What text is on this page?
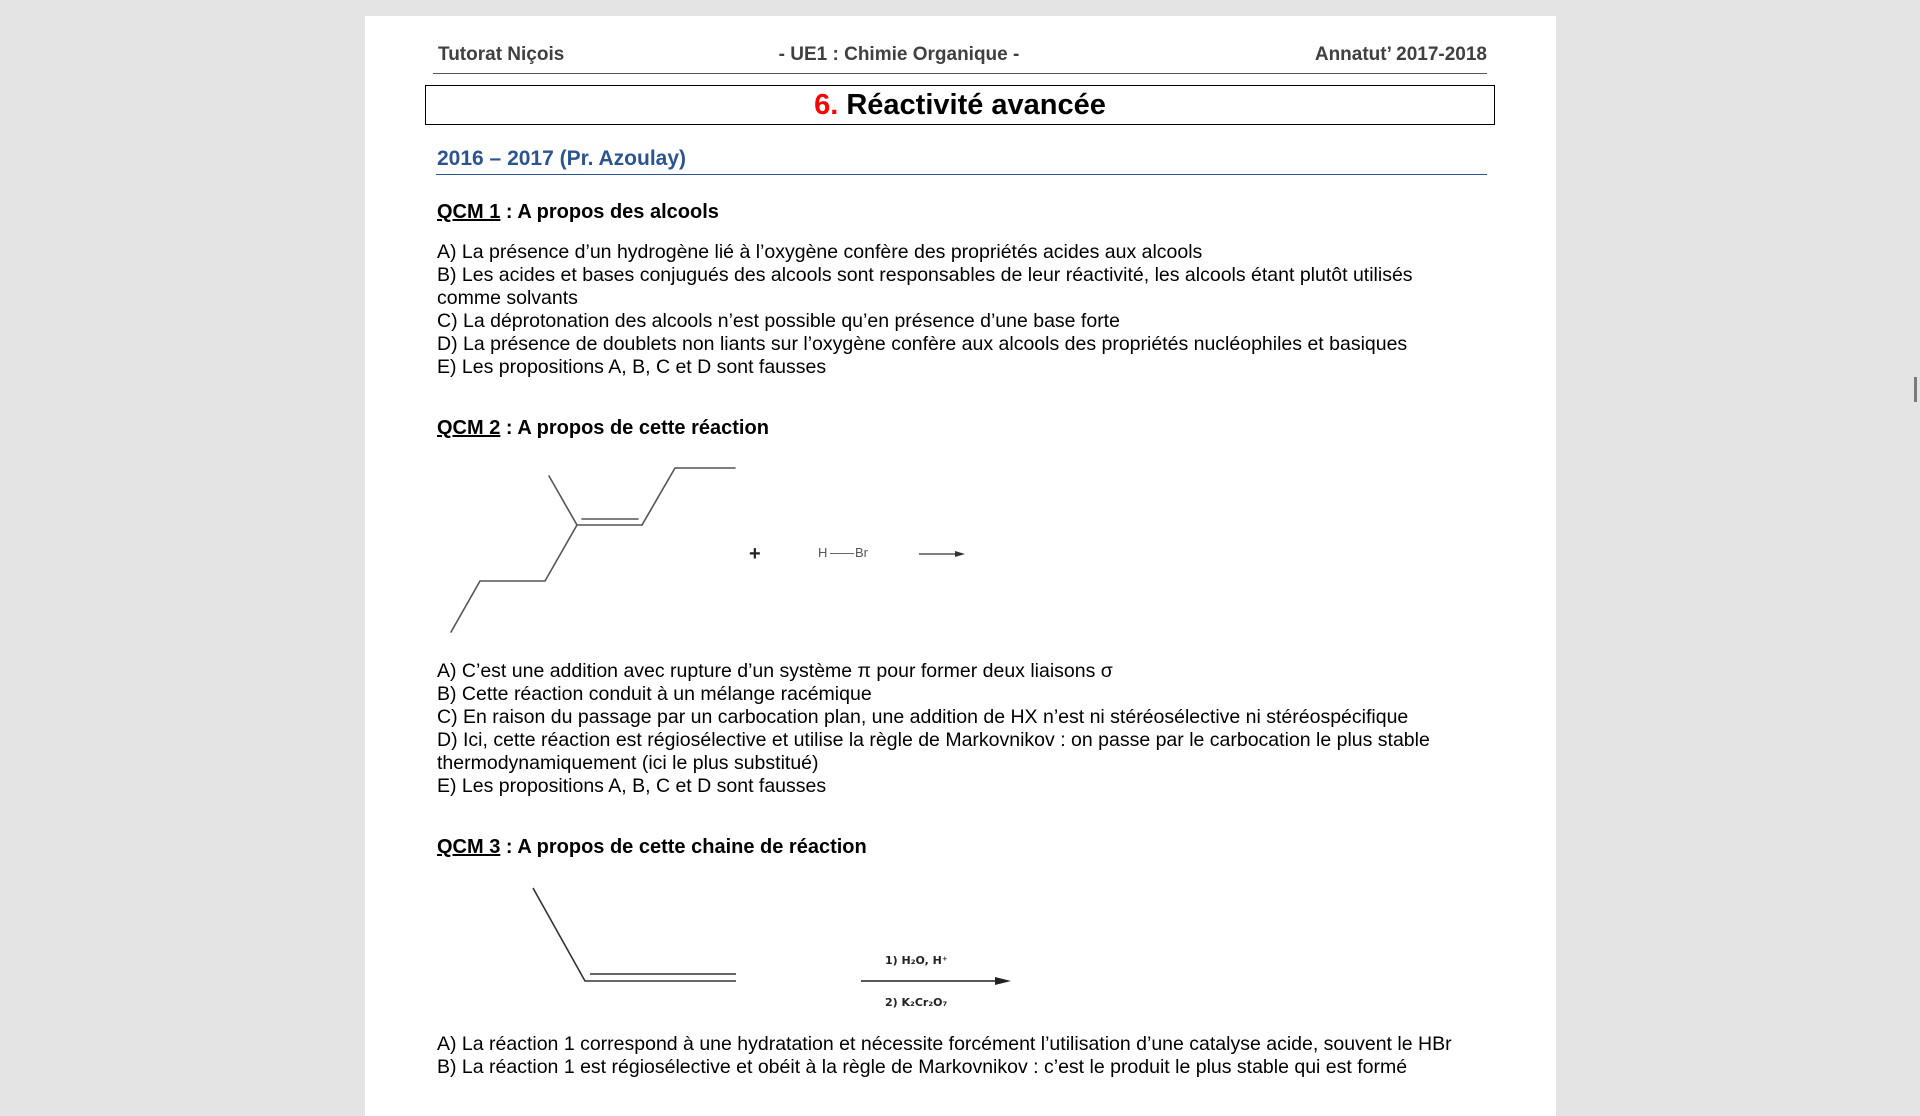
Tutorat Niçois	- UE1 : Chimie Organique -	Annatut’ 2017-2018
6. Réactivité avancée
2016 – 2017 (Pr. Azoulay)
QCM 1 : A propos des alcools
A) La présence d’un hydrogène lié à l’oxygène confère des propriétés acides aux alcools
B) Les acides et bases conjugués des alcools sont responsables de leur réactivité, les alcools étant plutôt utilisés comme solvants
C) La déprotonation des alcools n’est possible qu’en présence d’une base forte
D) La présence de doublets non liants sur l’oxygène confère aux alcools des propriétés nucléophiles et basiques
E) Les propositions A, B, C et D sont fausses
QCM 2 : A propos de cette réaction
+	H Br
A) C’est une addition avec rupture d’un système π pour former deux liaisons σ
B) Cette réaction conduit à un mélange racémique
C) En raison du passage par un carbocation plan, une addition de HX n’est ni stéréosélective ni stéréospécifique
D) Ici, cette réaction est régiosélective et utilise la règle de Markovnikov : on passe par le carbocation le plus stable thermodynamiquement (ici le plus substitué)
E) Les propositions A, B, C et D sont fausses
QCM 3 : A propos de cette chaine de réaction
1) H₂O, H⁺
2) K₂Cr₂O₇
A) La réaction 1 correspond à une hydratation et nécessite forcément l’utilisation d’une catalyse acide, souvent le HBr
B) La réaction 1 est régiosélective et obéit à la règle de Markovnikov : c’est le produit le plus stable qui est formé
